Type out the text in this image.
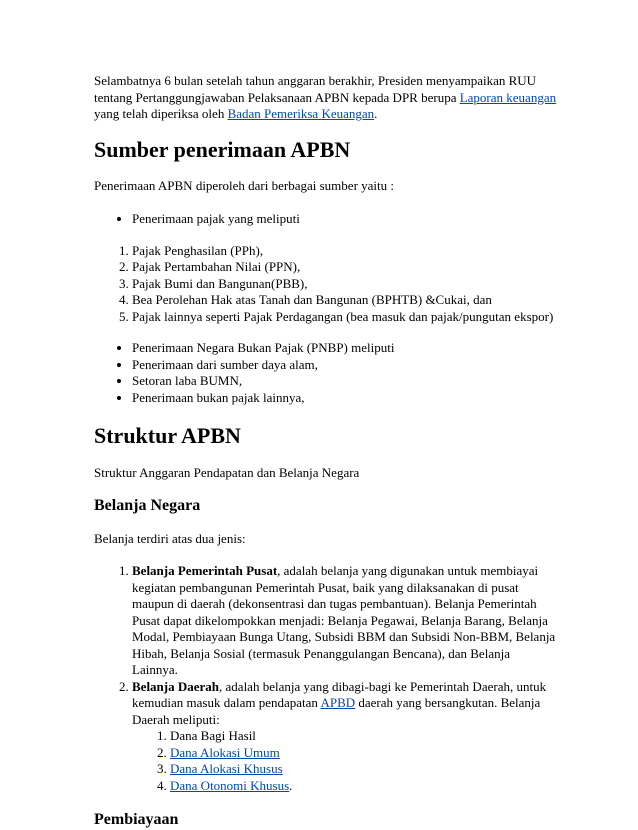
Selambatnya 6 bulan setelah tahun anggaran berakhir, Presiden menyampaikan RUU tentang Pertanggungjawaban Pelaksanaan APBN kepada DPR berupa Laporan keuangan yang telah diperiksa oleh Badan Pemeriksa Keuangan.

Sumber penerimaan APBN

Penerimaan APBN diperoleh dari berbagai sumber yaitu :

• Penerimaan pajak yang meliputi
1. Pajak Penghasilan (PPh),
2. Pajak Pertambahan Nilai (PPN),
3. Pajak Bumi dan Bangunan(PBB),
4. Bea Perolehan Hak atas Tanah dan Bangunan (BPHTB) &Cukai, dan
5. Pajak lainnya seperti Pajak Perdagangan (bea masuk dan pajak/pungutan ekspor)
• Penerimaan Negara Bukan Pajak (PNBP) meliputi
• Penerimaan dari sumber daya alam,
• Setoran laba BUMN,
• Penerimaan bukan pajak lainnya,
Struktur APBN

Struktur Anggaran Pendapatan dan Belanja Negara

Belanja Negara

Belanja terdiri atas dua jenis:

1. Belanja Pemerintah Pusat, adalah belanja yang digunakan untuk membiayai kegiatan pembangunan Pemerintah Pusat, baik yang dilaksanakan di pusat maupun di daerah (dekonsentrasi dan tugas pembantuan). Belanja Pemerintah Pusat dapat dikelompokkan menjadi: Belanja Pegawai, Belanja Barang, Belanja Modal, Pembiayaan Bunga Utang, Subsidi BBM dan Subsidi Non-BBM, Belanja Hibah, Belanja Sosial (termasuk Penanggulangan Bencana), dan Belanja Lainnya.
2. Belanja Daerah, adalah belanja yang dibagi-bagi ke Pemerintah Daerah, untuk kemudian masuk dalam pendapatan APBD daerah yang bersangkutan. Belanja Daerah meliputi:
1. Dana Bagi Hasil
2. Dana Alokasi Umum
3. Dana Alokasi Khusus
4. Dana Otonomi Khusus.
Pembiayaan
